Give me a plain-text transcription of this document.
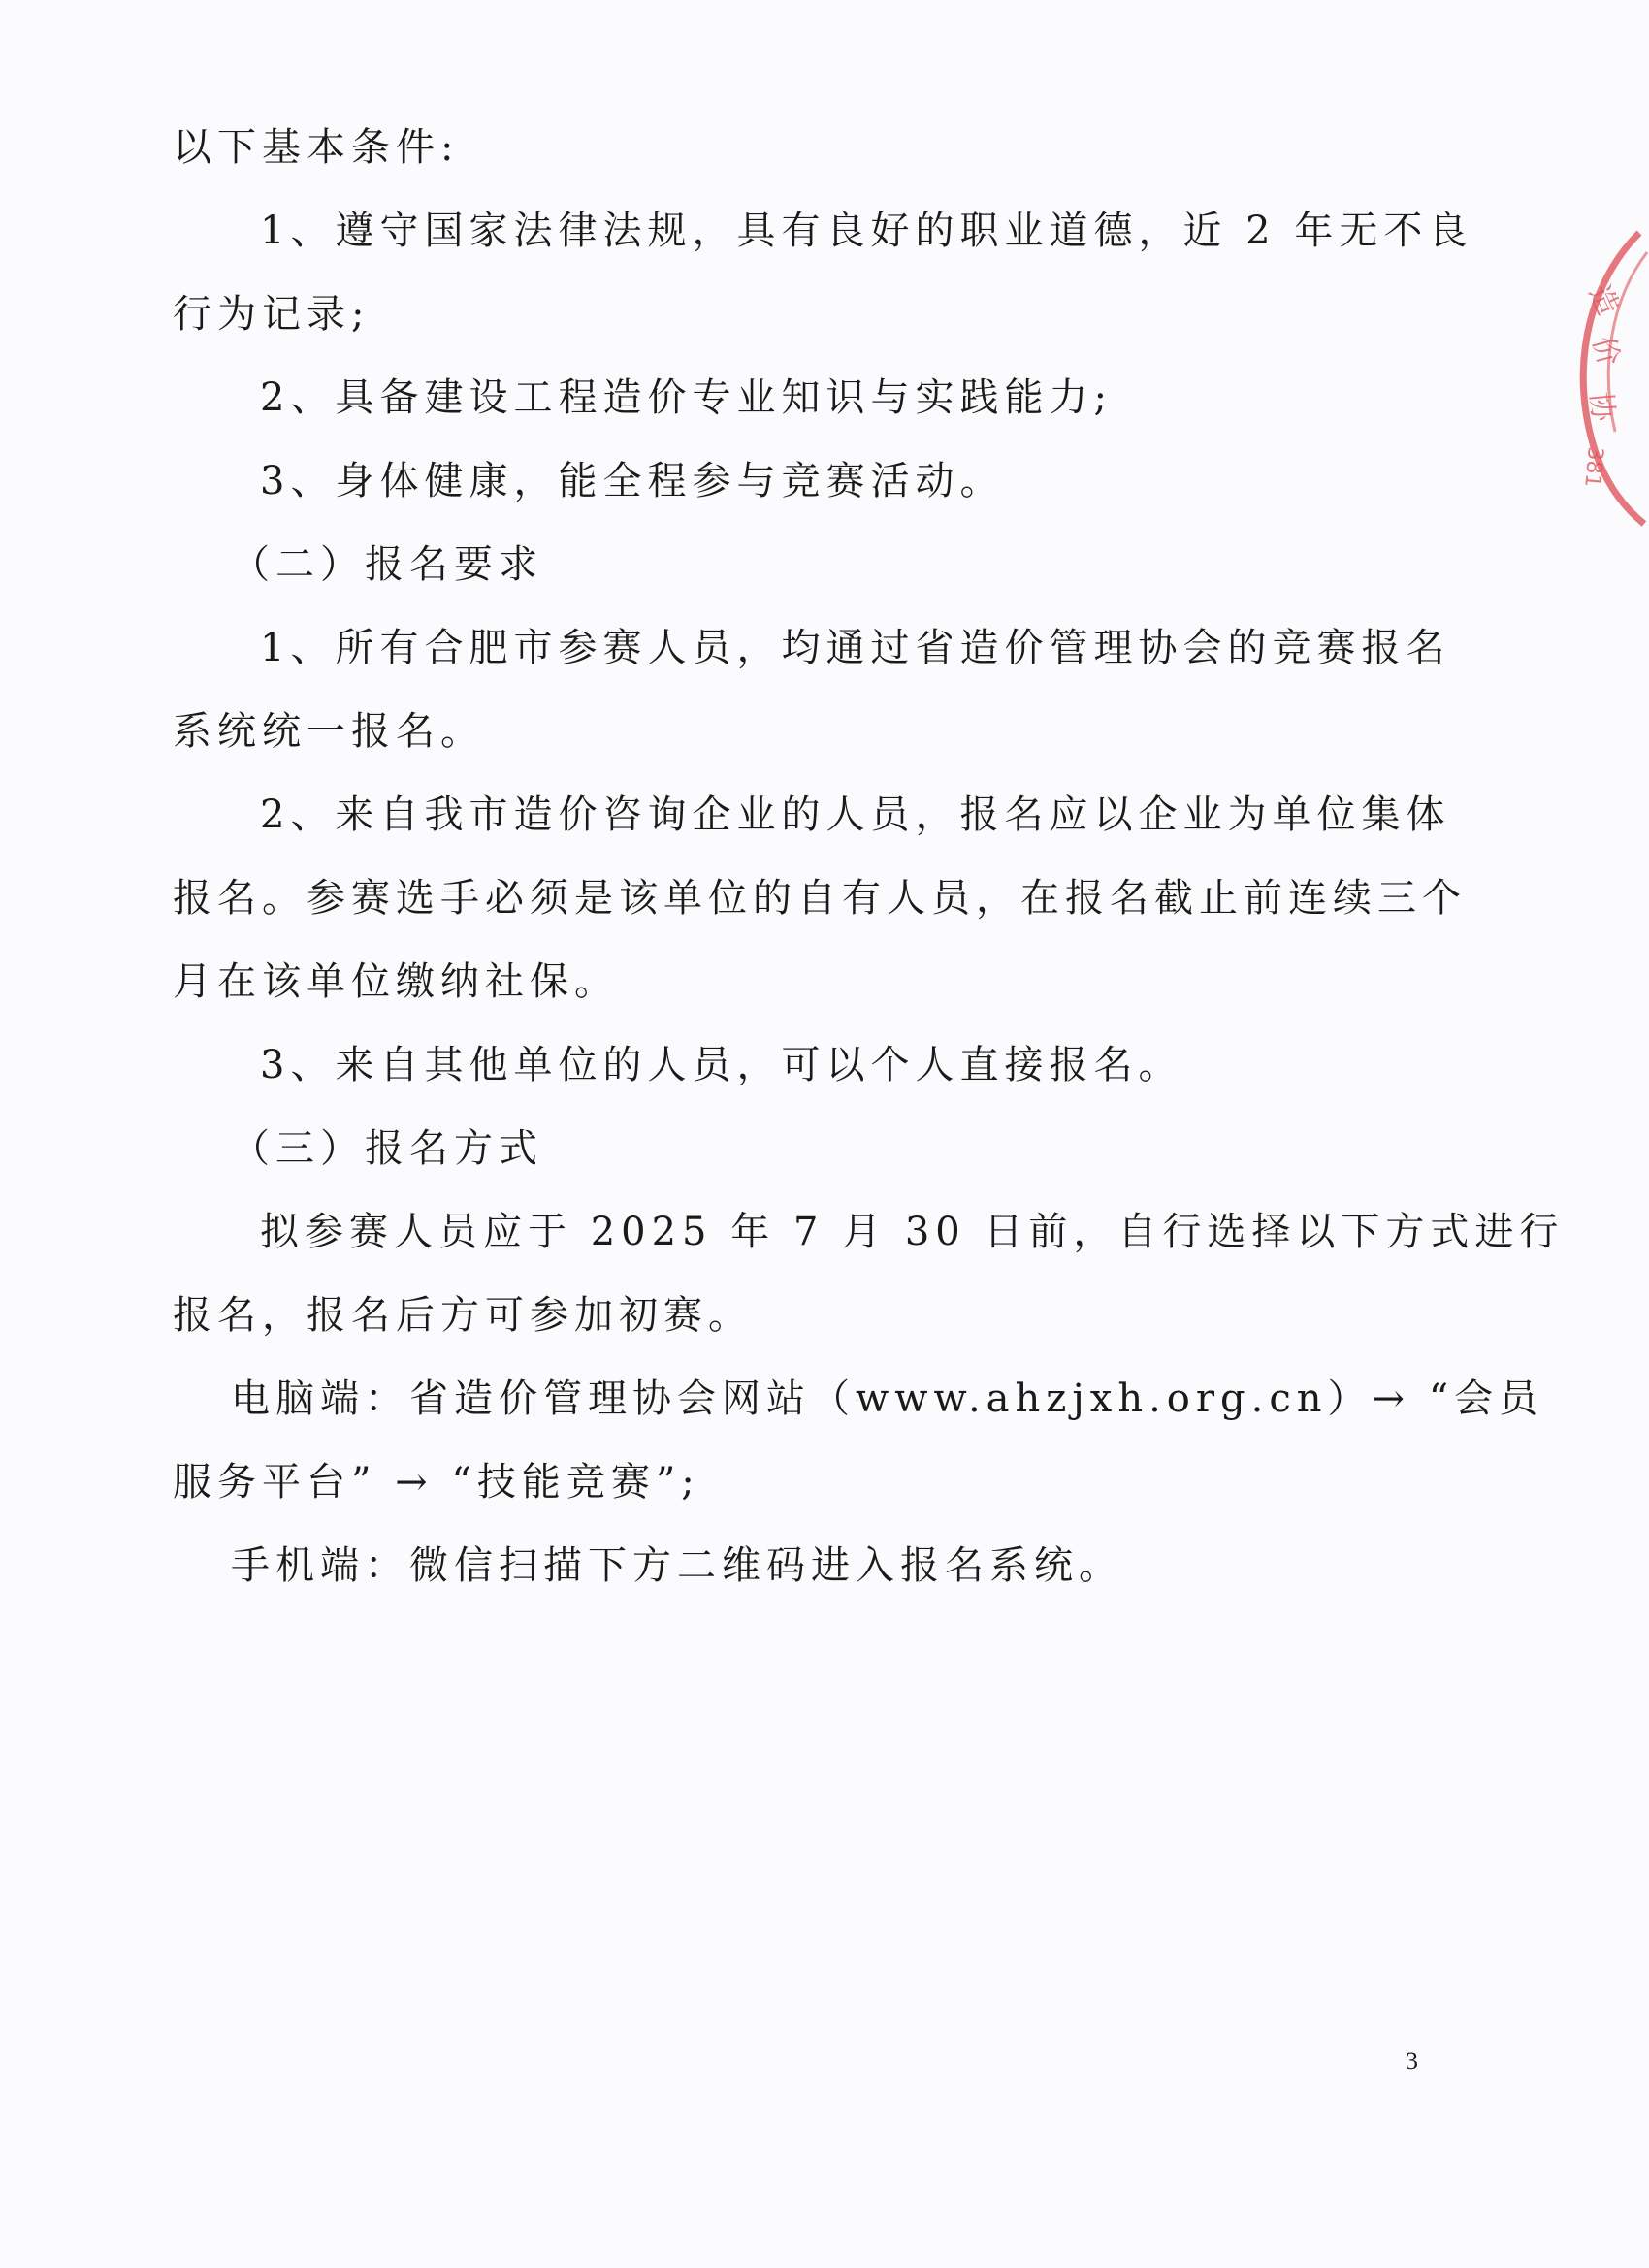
以下基本条件:
1、遵守国家法律法规，具有良好的职业道德，近 2 年无不良
行为记录;
2、具备建设工程造价专业知识与实践能力;
3、身体健康，能全程参与竞赛活动。
（二）报名要求
1、所有合肥市参赛人员，均通过省造价管理协会的竞赛报名
系统统一报名。
2、来自我市造价咨询企业的人员，报名应以企业为单位集体
报名。参赛选手必须是该单位的自有人员，在报名截止前连续三个
月在该单位缴纳社保。
3、来自其他单位的人员，可以个人直接报名。
（三）报名方式
拟参赛人员应于 2025 年 7 月 30 日前，自行选择以下方式进行
报名，报名后方可参加初赛。
电脑端：省造价管理协会网站（www.ahzjxh.org.cn）→ “会员
服务平台” → “技能竞赛”;
手机端：微信扫描下方二维码进入报名系统。
造
价
协
381
3
